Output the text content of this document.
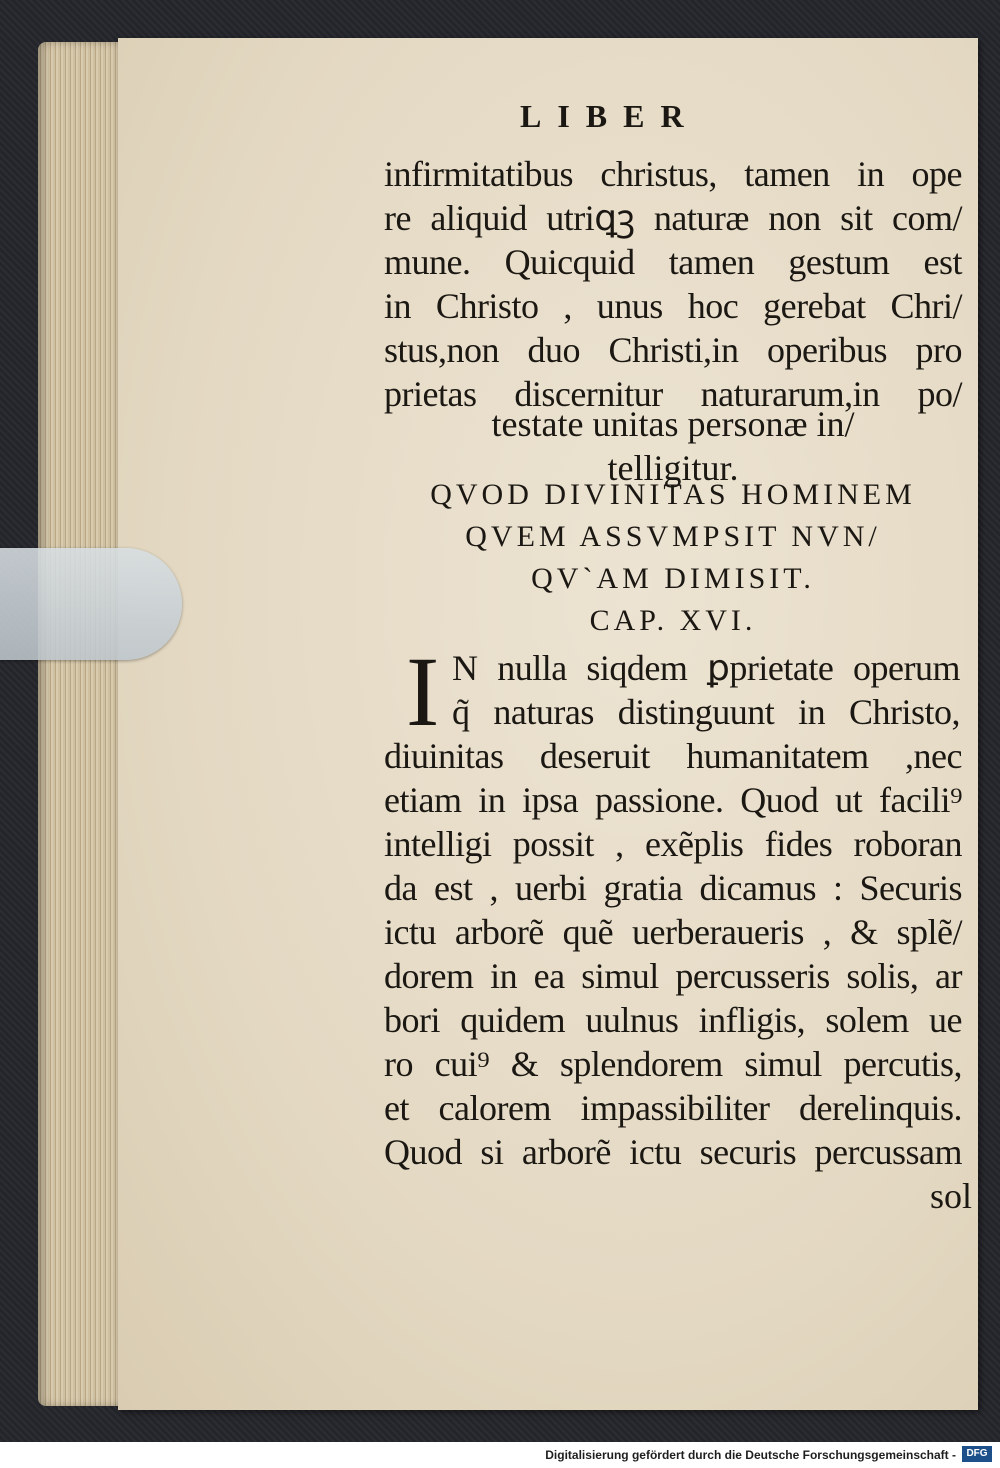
LIBER
infirmitatibus christus, tamen in ope
re aliquid utriꝗꝫ naturæ non sit com/
mune. Quicquid tamen gestum est
in Christo , unus hoc gerebat Chri/
stus,non duo Christi,in operibus pro
prietas discernitur naturarum,in po/
testate unitas personæ in/
telligitur.
QVOD DIVINITAS HOMINEM
QVEM ASSVMPSIT NVN/
QV`AM DIMISIT.
CAP. XVI.
I N nulla siqdem ꝑprietate operum
q̃ naturas distinguunt in Christo,
diuinitas deseruit humanitatem ,nec
etiam in ipsa passione. Quod ut facili⁹
intelligi possit , exẽplis fides roboran
da est , uerbi gratia dicamus : Securis
ictu arborẽ quẽ uerberaueris , & splẽ/
dorem in ea simul percusseris solis, ar
bori quidem uulnus infligis, solem ue
ro cui⁹ & splendorem simul percutis,
et calorem impassibiliter derelinquis.
Quod si arborẽ ictu securis percussam
sol
Digitalisierung gefördert durch die Deutsche Forschungsgemeinschaft -	DFG
